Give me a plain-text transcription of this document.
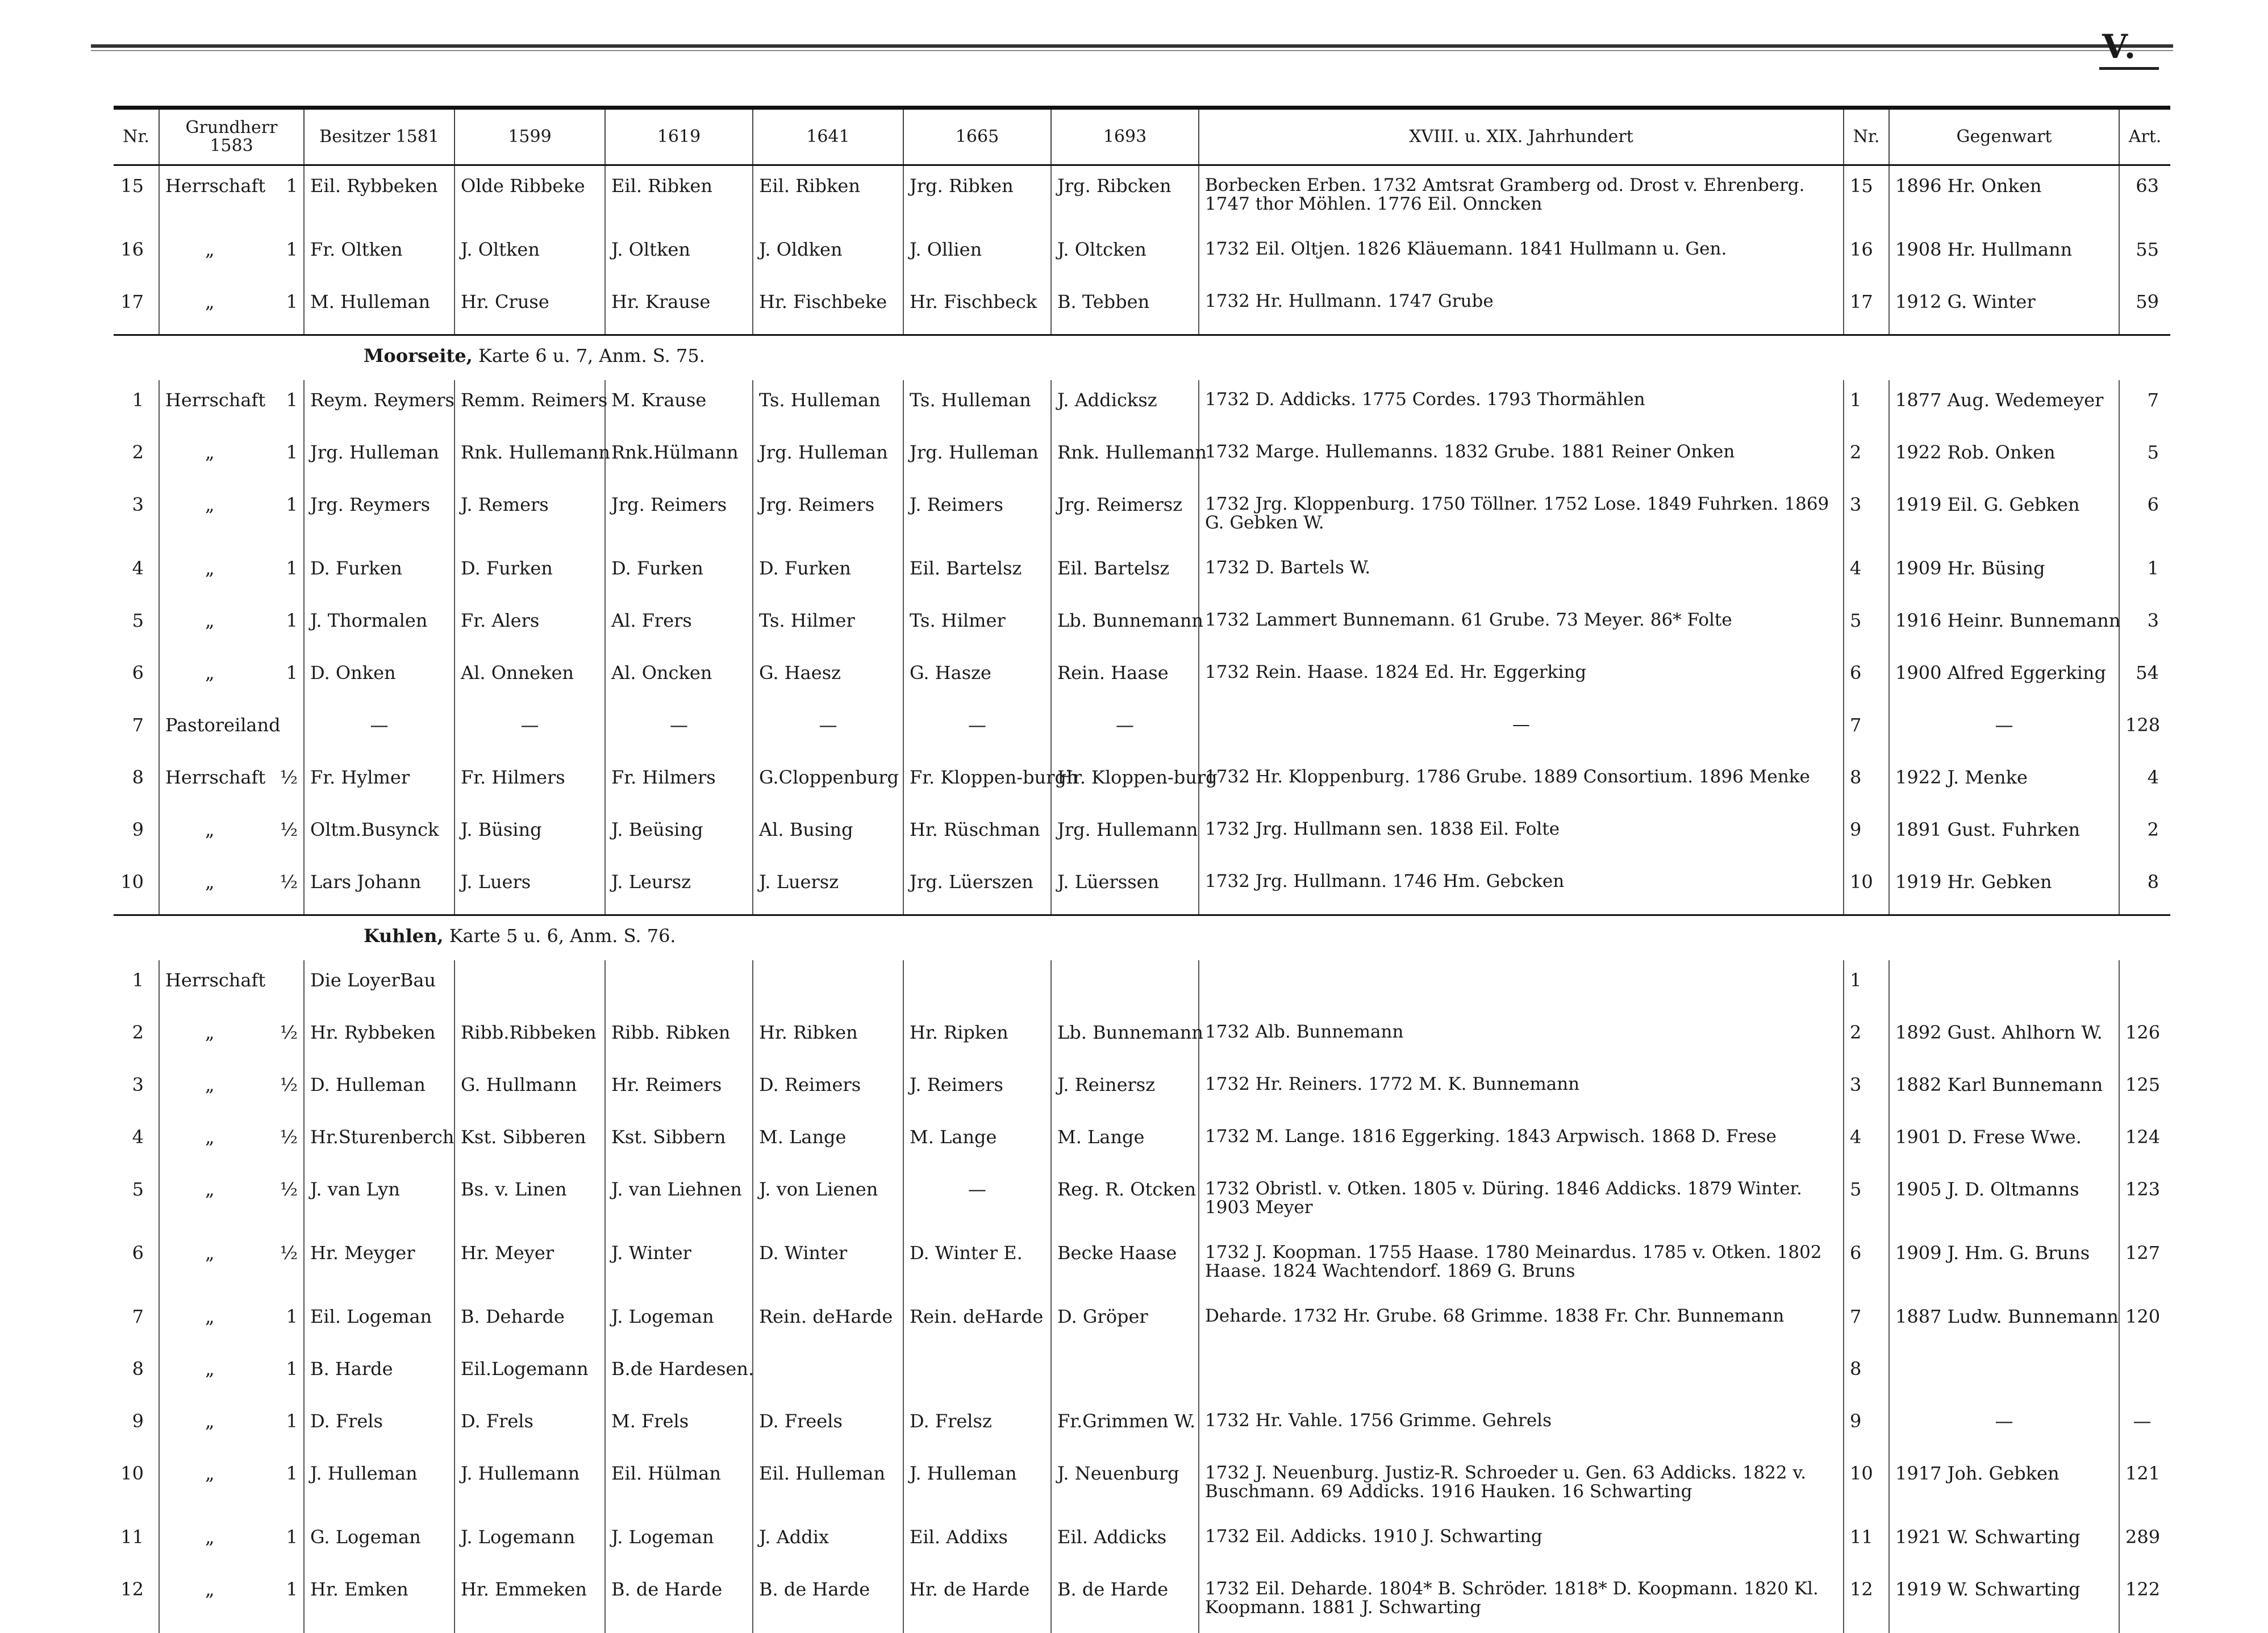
V.
Nr.	Grundherr 1583	Besitzer 1581	1599	1619	1641	1665	1693	XVIII. u. XIX. Jahrhundert	Nr.	Gegenwart	Art.
15	Herrschaft 1	Eil. Rybbeken	Olde Ribbeke	Eil. Ribken	Eil. Ribken	Jrg. Ribken	Jrg. Ribcken	Borbecken Erben. 1732 Amtsrat Gramberg od. Drost v. Ehrenberg. 1747 thor Möhlen. 1776 Eil. Onncken	15	1896 Hr. Onken	63
16	„ 1	Fr. Oltken	J. Oltken	J. Oltken	J. Oldken	J. Ollien	J. Oltcken	1732 Eil. Oltjen. 1826 Kläuemann. 1841 Hullmann u. Gen.	16	1908 Hr. Hullmann	55
17	„ 1	M. Hulleman	Hr. Cruse	Hr. Krause	Hr. Fischbeke	Hr. Fischbeck	B. Tebben	1732 Hr. Hullmann. 1747 Grube	17	1912 G. Winter	59
Moorseite, Karte 6 u. 7, Anm. S. 75.											
1	Herrschaft 1	Reym. Reymers	Remm. Reimers	M. Krause	Ts. Hulleman	Ts. Hulleman	J. Addicksz	1732 D. Addicks. 1775 Cordes. 1793 Thormählen	1	1877 Aug. Wedemeyer	7
2	„ 1	Jrg. Hulleman	Rnk. Hullemann	Rnk.Hülmann	Jrg. Hulleman	Jrg. Hulleman	Rnk. Hullemann	1732 Marge. Hullemanns. 1832 Grube. 1881 Reiner Onken	2	1922 Rob. Onken	5
3	„ 1	Jrg. Reymers	J. Remers	Jrg. Reimers	Jrg. Reimers	J. Reimers	Jrg. Reimersz	1732 Jrg. Kloppenburg. 1750 Töllner. 1752 Lose. 1849 Fuhrken. 1869 G. Gebken W.	3	1919 Eil. G. Gebken	6
4	„ 1	D. Furken	D. Furken	D. Furken	D. Furken	Eil. Bartelsz	Eil. Bartelsz	1732 D. Bartels W.	4	1909 Hr. Büsing	1
5	„ 1	J. Thormalen	Fr. Alers	Al. Frers	Ts. Hilmer	Ts. Hilmer	Lb. Bunnemann	1732 Lammert Bunnemann. 61 Grube. 73 Meyer. 86* Folte	5	1916 Heinr. Bunnemann	3
6	„ 1	D. Onken	Al. Onneken	Al. Oncken	G. Haesz	G. Hasze	Rein. Haase	1732 Rein. Haase. 1824 Ed. Hr. Eggerking	6	1900 Alfred Eggerking	54
7	Pastoreiland	—	—	—	—	—	—	—	7	—	128
8	Herrschaft ½	Fr. Hylmer	Fr. Hilmers	Fr. Hilmers	G.Cloppenburg	Fr. Kloppen-burgh	Hr. Kloppen-burg	1732 Hr. Kloppenburg. 1786 Grube. 1889 Consortium. 1896 Menke	8	1922 J. Menke	4
9	„ ½	Oltm.Busynck	J. Büsing	J. Beüsing	Al. Busing	Hr. Rüschman	Jrg. Hullemann	1732 Jrg. Hullmann sen. 1838 Eil. Folte	9	1891 Gust. Fuhrken	2
10	„ ½	Lars Johann	J. Luers	J. Leursz	J. Luersz	Jrg. Lüerszen	J. Lüerssen	1732 Jrg. Hullmann. 1746 Hm. Gebcken	10	1919 Hr. Gebken	8
Kuhlen, Karte 5 u. 6, Anm. S. 76.											
1	Herrschaft	Die LoyerBau							1		
2	„ ½	Hr. Rybbeken	Ribb.Ribbeken	Ribb. Ribken	Hr. Ribken	Hr. Ripken	Lb. Bunnemann	1732 Alb. Bunnemann	2	1892 Gust. Ahlhorn W.	126
3	„ ½	D. Hulleman	G. Hullmann	Hr. Reimers	D. Reimers	J. Reimers	J. Reinersz	1732 Hr. Reiners. 1772 M. K. Bunnemann	3	1882 Karl Bunnemann	125
4	„ ½	Hr.Sturenberch	Kst. Sibberen	Kst. Sibbern	M. Lange	M. Lange	M. Lange	1732 M. Lange. 1816 Eggerking. 1843 Arpwisch. 1868 D. Frese	4	1901 D. Frese Wwe.	124
5	„ ½	J. van Lyn	Bs. v. Linen	J. van Liehnen	J. von Lienen	—	Reg. R. Otcken	1732 Obristl. v. Otken. 1805 v. Düring. 1846 Addicks. 1879 Winter. 1903 Meyer	5	1905 J. D. Oltmanns	123
6	„ ½	Hr. Meyger	Hr. Meyer	J. Winter	D. Winter	D. Winter E.	Becke Haase	1732 J. Koopman. 1755 Haase. 1780 Meinardus. 1785 v. Otken. 1802 Haase. 1824 Wachtendorf. 1869 G. Bruns	6	1909 J. Hm. G. Bruns	127
7	„ 1	Eil. Logeman	B. Deharde	J. Logeman	Rein. deHarde	Rein. deHarde	D. Gröper	Deharde. 1732 Hr. Grube. 68 Grimme. 1838 Fr. Chr. Bunnemann	7	1887 Ludw. Bunnemann	120
8	„ 1	B. Harde	Eil.Logemann	B.de Hardesen.					8		
9	„ 1	D. Frels	D. Frels	M. Frels	D. Freels	D. Frelsz	Fr.Grimmen W.	1732 Hr. Vahle. 1756 Grimme. Gehrels	9	—	—
10	„ 1	J. Hulleman	J. Hullemann	Eil. Hülman	Eil. Hulleman	J. Hulleman	J. Neuenburg	1732 J. Neuenburg. Justiz-R. Schroeder u. Gen. 63 Addicks. 1822 v. Buschmann. 69 Addicks. 1916 Hauken. 16 Schwarting	10	1917 Joh. Gebken	121
11	„ 1	G. Logeman	J. Logemann	J. Logeman	J. Addix	Eil. Addixs	Eil. Addicks	1732 Eil. Addicks. 1910 J. Schwarting	11	1921 W. Schwarting	289
12	„ 1	Hr. Emken	Hr. Emmeken	B. de Harde	B. de Harde	Hr. de Harde	B. de Harde	1732 Eil. Deharde. 1804* B. Schröder. 1818* D. Koopmann. 1820 Kl. Koopmann. 1881 J. Schwarting	12	1919 W. Schwarting	122
